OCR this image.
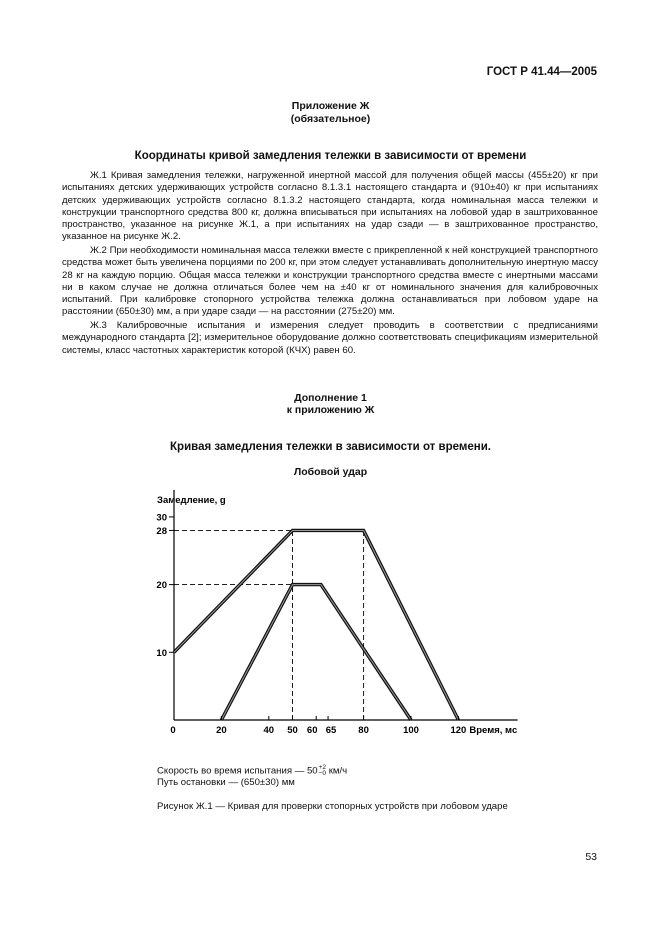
ГОСТ Р 41.44—2005
Приложение Ж
(обязательное)
Координаты кривой замедления тележки в зависимости от времени

Ж.1 Кривая замедления тележки, нагруженной инертной массой для получения общей массы (455±20) кг при испытаниях детских удерживающих устройств согласно 8.1.3.1 настоящего стандарта и (910±40) кг при испытаниях детских удерживающих устройств согласно 8.1.3.2 настоящего стандарта, когда номинальная масса тележки и конструкции транспортного средства 800 кг, должна вписываться при испытаниях на лобовой удар в заштрихованное пространство, указанное на рисунке Ж.1, а при испытаниях на удар сзади — в заштрихованное пространство, указанное на рисунке Ж.2.

Ж.2 При необходимости номинальная масса тележки вместе с прикрепленной к ней конструкцией транспортного средства может быть увеличена порциями по 200 кг, при этом следует устанавливать дополнительную инертную массу 28 кг на каждую порцию. Общая масса тележки и конструкции транспортного средства вместе с инертными массами ни в каком случае не должна отличаться более чем на ±40 кг от номинального значения для калибровочных испытаний. При калибровке стопорного устройства тележка должна останавливаться при лобовом ударе на расстоянии (650±30) мм, а при ударе сзади — на расстоянии (275±20) мм.

Ж.3 Калибровочные испытания и измерения следует проводить в соответствии с предписаниями международного стандарта [2]; измерительное оборудование должно соответствовать спецификациям измерительной системы, класс частотных характеристик которой (КЧХ) равен 60.

Дополнение 1
к приложению Ж
Кривая замедления тележки в зависимости от времени.
Лобовой удар
0	20	40 50 60 65 80	100	120
10
20
28
30
Замедление, g
Время, мс
Скорость во время испытания — 50 +2
−0 км/ч
Путь остановки — (650±30) мм
Рисунок Ж.1 — Кривая для проверки стопорных устройств при лобовом ударе
53
